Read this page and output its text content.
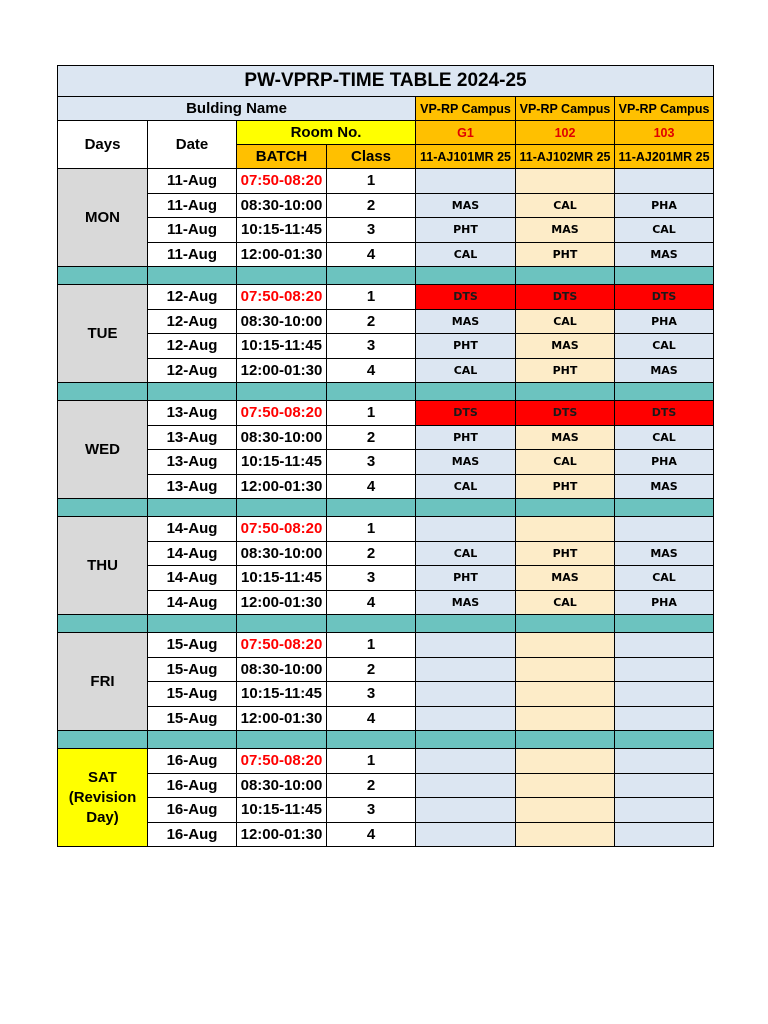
PW-VPRP-TIME TABLE 2024-25						
Bulding Name				VP-RP Campus	VP-RP Campus	VP-RP Campus
Days	Date	Room No.		G1	102	103
		BATCH	Class	11-AJ101MR 25	11-AJ102MR 25	11-AJ201MR 25
MON	11-Aug	07:50-08:20	1			
	11-Aug	08:30-10:00	2	MAS	CAL	PHA
	11-Aug	10:15-11:45	3	PHT	MAS	CAL
	11-Aug	12:00-01:30	4	CAL	PHT	MAS

TUE	12-Aug	07:50-08:20	1	DTS	DTS	DTS
	12-Aug	08:30-10:00	2	MAS	CAL	PHA
	12-Aug	10:15-11:45	3	PHT	MAS	CAL
	12-Aug	12:00-01:30	4	CAL	PHT	MAS

WED	13-Aug	07:50-08:20	1	DTS	DTS	DTS
	13-Aug	08:30-10:00	2	PHT	MAS	CAL
	13-Aug	10:15-11:45	3	MAS	CAL	PHA
	13-Aug	12:00-01:30	4	CAL	PHT	MAS

THU	14-Aug	07:50-08:20	1			
	14-Aug	08:30-10:00	2	CAL	PHT	MAS
	14-Aug	10:15-11:45	3	PHT	MAS	CAL
	14-Aug	12:00-01:30	4	MAS	CAL	PHA

FRI	15-Aug	07:50-08:20	1			
	15-Aug	08:30-10:00	2			
	15-Aug	10:15-11:45	3			
	15-Aug	12:00-01:30	4			

SAT
(Revision
Day)	16-Aug	07:50-08:20	1			
	16-Aug	08:30-10:00	2			
	16-Aug	10:15-11:45	3			
	16-Aug	12:00-01:30	4			
